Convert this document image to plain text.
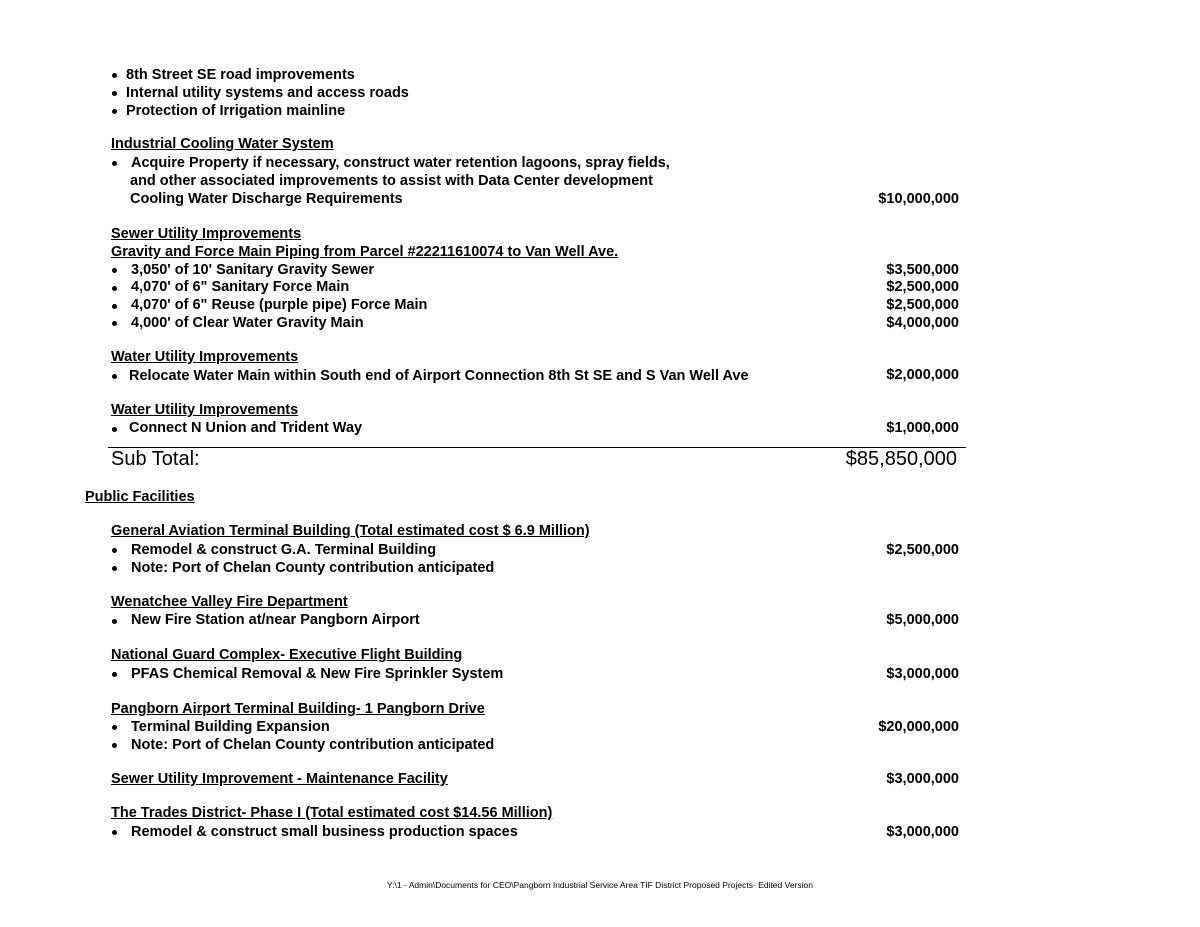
8th Street SE road improvements
Internal utility systems and access roads
Protection of Irrigation mainline
Industrial Cooling Water System
Acquire Property if necessary, construct water retention lagoons, spray fields,
and other associated improvements to assist with Data Center development
Cooling Water Discharge Requirements	$10,000,000
Sewer Utility Improvements
Gravity and Force Main Piping from Parcel #22211610074 to Van Well Ave.
3,050' of 10' Sanitary Gravity Sewer	$3,500,000
4,070' of 6" Sanitary Force Main	$2,500,000
4,070' of 6" Reuse (purple pipe) Force Main	$2,500,000
4,000' of Clear Water Gravity Main	$4,000,000
Water Utility Improvements
Relocate Water Main within South end of Airport Connection 8th St SE and S Van Well Ave	$2,000,000
Water Utility Improvements
Connect N Union and Trident Way	$1,000,000
Sub Total:	$85,850,000
Public Facilities
General Aviation Terminal Building (Total estimated cost $ 6.9 Million)
Remodel & construct G.A. Terminal Building	$2,500,000
Note: Port of Chelan County contribution anticipated
Wenatchee Valley Fire Department
New Fire Station at/near Pangborn Airport	$5,000,000
National Guard Complex- Executive Flight Building
PFAS Chemical Removal & New Fire Sprinkler System	$3,000,000
Pangborn Airport Terminal Building- 1 Pangborn Drive
Terminal Building Expansion	$20,000,000
Note: Port of Chelan County contribution anticipated
Sewer Utility Improvement - Maintenance Facility	$3,000,000
The Trades District- Phase I (Total estimated cost $14.56 Million)
Remodel & construct small business production spaces	$3,000,000
Y:\1 - Admin\Documents for CEO\Pangborn Industrial Service Area TIF District Proposed Projects- Edited Version
